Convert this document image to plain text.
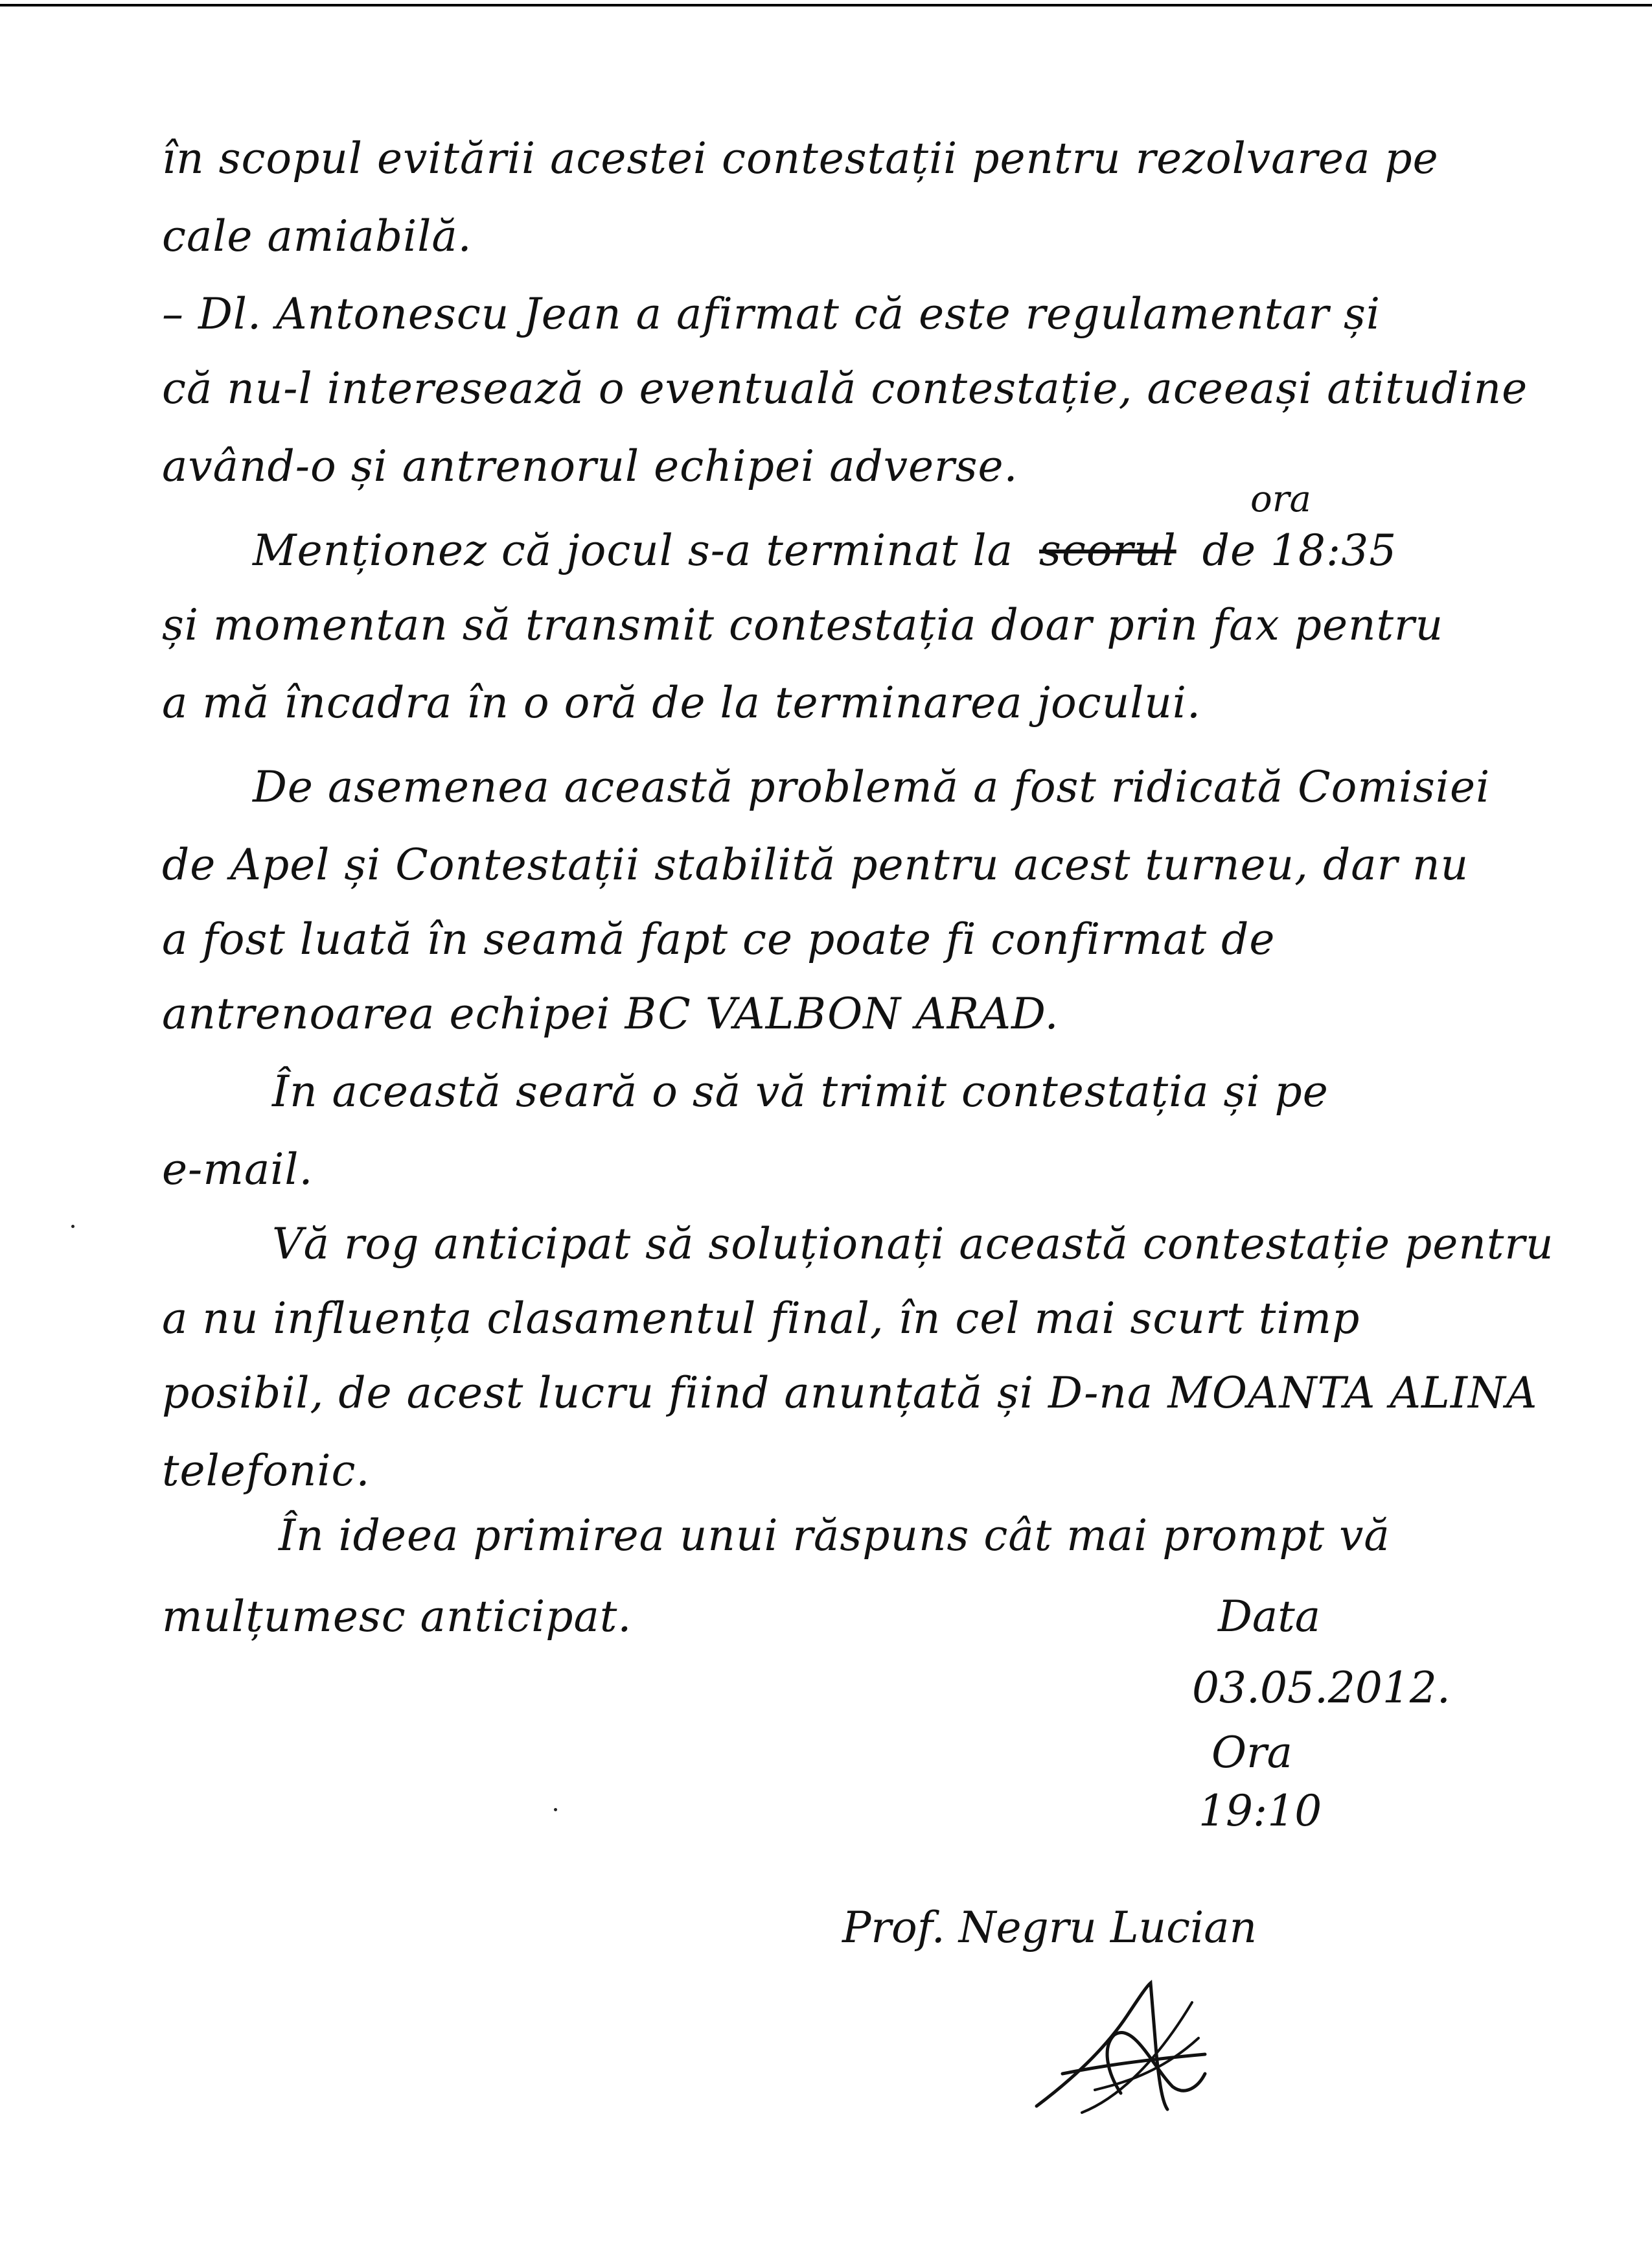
în scopul evitării acestei contestații pentru rezolvarea pe
cale amiabilă.
– Dl. Antonescu Jean a afirmat că este regulamentar și
că nu-l interesează o eventuală contestație, aceeași atitudine
având-o și antrenorul echipei adverse.
Menționez că jocul s-a terminat la scorul de 18:35
ora
și momentan să transmit contestația doar prin fax pentru
a mă încadra în o oră de la terminarea jocului.
De asemenea această problemă a fost ridicată Comisiei
de Apel și Contestații stabilită pentru acest turneu, dar nu
a fost luată în seamă fapt ce poate fi confirmat de
antrenoarea echipei BC VALBON ARAD.
În această seară o să vă trimit contestația și pe
e-mail.
Vă rog anticipat să soluționați această contestație pentru
a nu influența clasamentul final, în cel mai scurt timp
posibil, de acest lucru fiind anunțată și D-na MOANTA ALINA
telefonic.
În ideea primirea unui răspuns cât mai prompt vă
mulțumesc anticipat.	Data
03.05.2012.
Ora
19:10
Prof. Negru Lucian
